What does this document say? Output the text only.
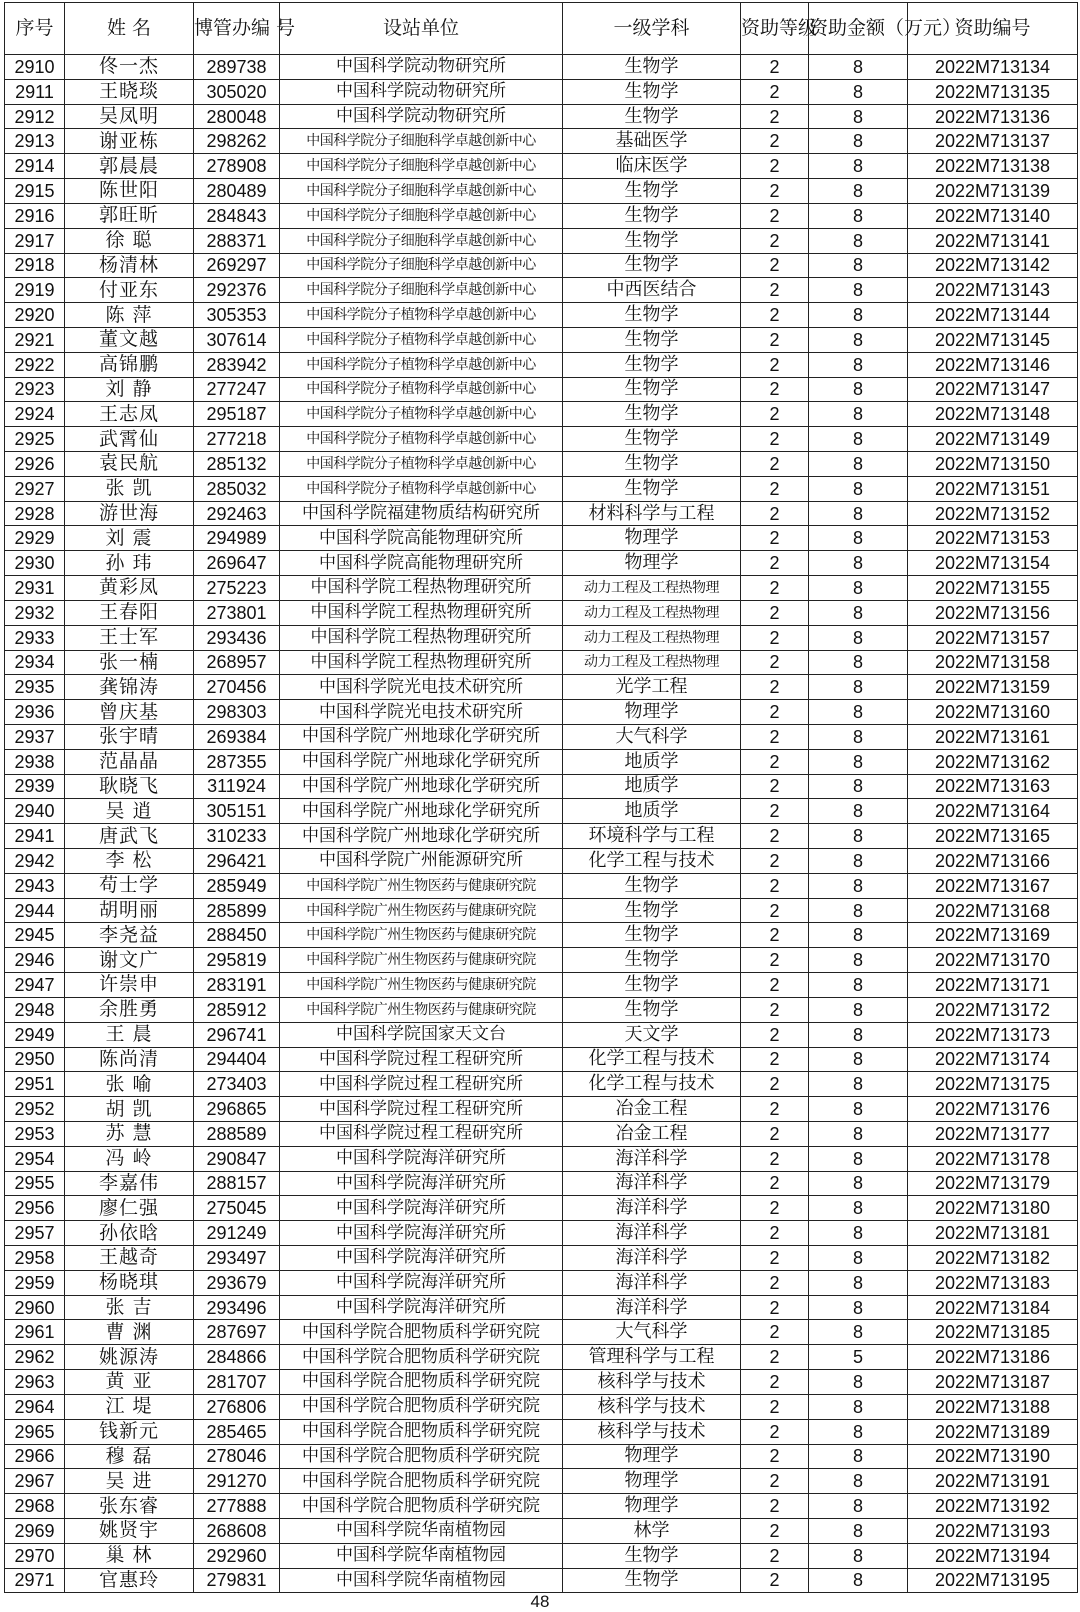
序号	姓 名	博管办编 号	设站单位	一级学科	资助等级	资助金额（万元）	资助编号
2910	佟一杰	289738	中国科学院动物研究所	生物学	2	8	2022M713134
2911	王晓琰	305020	中国科学院动物研究所	生物学	2	8	2022M713135
2912	吴凤明	280048	中国科学院动物研究所	生物学	2	8	2022M713136
2913	谢亚栋	298262	中国科学院分子细胞科学卓越创新中心	基础医学	2	8	2022M713137
2914	郭晨晨	278908	中国科学院分子细胞科学卓越创新中心	临床医学	2	8	2022M713138
2915	陈世阳	280489	中国科学院分子细胞科学卓越创新中心	生物学	2	8	2022M713139
2916	郭旺昕	284843	中国科学院分子细胞科学卓越创新中心	生物学	2	8	2022M713140
2917	徐 聪	288371	中国科学院分子细胞科学卓越创新中心	生物学	2	8	2022M713141
2918	杨清林	269297	中国科学院分子细胞科学卓越创新中心	生物学	2	8	2022M713142
2919	付亚东	292376	中国科学院分子细胞科学卓越创新中心	中西医结合	2	8	2022M713143
2920	陈 萍	305353	中国科学院分子植物科学卓越创新中心	生物学	2	8	2022M713144
2921	董文越	307614	中国科学院分子植物科学卓越创新中心	生物学	2	8	2022M713145
2922	高锦鹏	283942	中国科学院分子植物科学卓越创新中心	生物学	2	8	2022M713146
2923	刘 静	277247	中国科学院分子植物科学卓越创新中心	生物学	2	8	2022M713147
2924	王志凤	295187	中国科学院分子植物科学卓越创新中心	生物学	2	8	2022M713148
2925	武霄仙	277218	中国科学院分子植物科学卓越创新中心	生物学	2	8	2022M713149
2926	袁民航	285132	中国科学院分子植物科学卓越创新中心	生物学	2	8	2022M713150
2927	张 凯	285032	中国科学院分子植物科学卓越创新中心	生物学	2	8	2022M713151
2928	游世海	292463	中国科学院福建物质结构研究所	材料科学与工程	2	8	2022M713152
2929	刘 震	294989	中国科学院高能物理研究所	物理学	2	8	2022M713153
2930	孙 玮	269647	中国科学院高能物理研究所	物理学	2	8	2022M713154
2931	黄彩凤	275223	中国科学院工程热物理研究所	动力工程及工程热物理	2	8	2022M713155
2932	王春阳	273801	中国科学院工程热物理研究所	动力工程及工程热物理	2	8	2022M713156
2933	王士军	293436	中国科学院工程热物理研究所	动力工程及工程热物理	2	8	2022M713157
2934	张一楠	268957	中国科学院工程热物理研究所	动力工程及工程热物理	2	8	2022M713158
2935	龚锦涛	270456	中国科学院光电技术研究所	光学工程	2	8	2022M713159
2936	曾庆基	298303	中国科学院光电技术研究所	物理学	2	8	2022M713160
2937	张宇晴	269384	中国科学院广州地球化学研究所	大气科学	2	8	2022M713161
2938	范晶晶	287355	中国科学院广州地球化学研究所	地质学	2	8	2022M713162
2939	耿晓飞	311924	中国科学院广州地球化学研究所	地质学	2	8	2022M713163
2940	吴 逍	305151	中国科学院广州地球化学研究所	地质学	2	8	2022M713164
2941	唐武飞	310233	中国科学院广州地球化学研究所	环境科学与工程	2	8	2022M713165
2942	李 松	296421	中国科学院广州能源研究所	化学工程与技术	2	8	2022M713166
2943	苟士学	285949	中国科学院广州生物医药与健康研究院	生物学	2	8	2022M713167
2944	胡明丽	285899	中国科学院广州生物医药与健康研究院	生物学	2	8	2022M713168
2945	李尧益	288450	中国科学院广州生物医药与健康研究院	生物学	2	8	2022M713169
2946	谢文广	295819	中国科学院广州生物医药与健康研究院	生物学	2	8	2022M713170
2947	许崇申	283191	中国科学院广州生物医药与健康研究院	生物学	2	8	2022M713171
2948	余胜勇	285912	中国科学院广州生物医药与健康研究院	生物学	2	8	2022M713172
2949	王 晨	296741	中国科学院国家天文台	天文学	2	8	2022M713173
2950	陈尚清	294404	中国科学院过程工程研究所	化学工程与技术	2	8	2022M713174
2951	张 喻	273403	中国科学院过程工程研究所	化学工程与技术	2	8	2022M713175
2952	胡 凯	296865	中国科学院过程工程研究所	冶金工程	2	8	2022M713176
2953	苏 慧	288589	中国科学院过程工程研究所	冶金工程	2	8	2022M713177
2954	冯 岭	290847	中国科学院海洋研究所	海洋科学	2	8	2022M713178
2955	李嘉伟	288157	中国科学院海洋研究所	海洋科学	2	8	2022M713179
2956	廖仁强	275045	中国科学院海洋研究所	海洋科学	2	8	2022M713180
2957	孙依晗	291249	中国科学院海洋研究所	海洋科学	2	8	2022M713181
2958	王越奇	293497	中国科学院海洋研究所	海洋科学	2	8	2022M713182
2959	杨晓琪	293679	中国科学院海洋研究所	海洋科学	2	8	2022M713183
2960	张 吉	293496	中国科学院海洋研究所	海洋科学	2	8	2022M713184
2961	曹 渊	287697	中国科学院合肥物质科学研究院	大气科学	2	8	2022M713185
2962	姚源涛	284866	中国科学院合肥物质科学研究院	管理科学与工程	2	5	2022M713186
2963	黄 亚	281707	中国科学院合肥物质科学研究院	核科学与技术	2	8	2022M713187
2964	江 堤	276806	中国科学院合肥物质科学研究院	核科学与技术	2	8	2022M713188
2965	钱新元	285465	中国科学院合肥物质科学研究院	核科学与技术	2	8	2022M713189
2966	穆 磊	278046	中国科学院合肥物质科学研究院	物理学	2	8	2022M713190
2967	吴 进	291270	中国科学院合肥物质科学研究院	物理学	2	8	2022M713191
2968	张东睿	277888	中国科学院合肥物质科学研究院	物理学	2	8	2022M713192
2969	姚贤宇	268608	中国科学院华南植物园	林学	2	8	2022M713193
2970	巢 林	292960	中国科学院华南植物园	生物学	2	8	2022M713194
2971	官惠玲	279831	中国科学院华南植物园	生物学	2	8	2022M713195
48
